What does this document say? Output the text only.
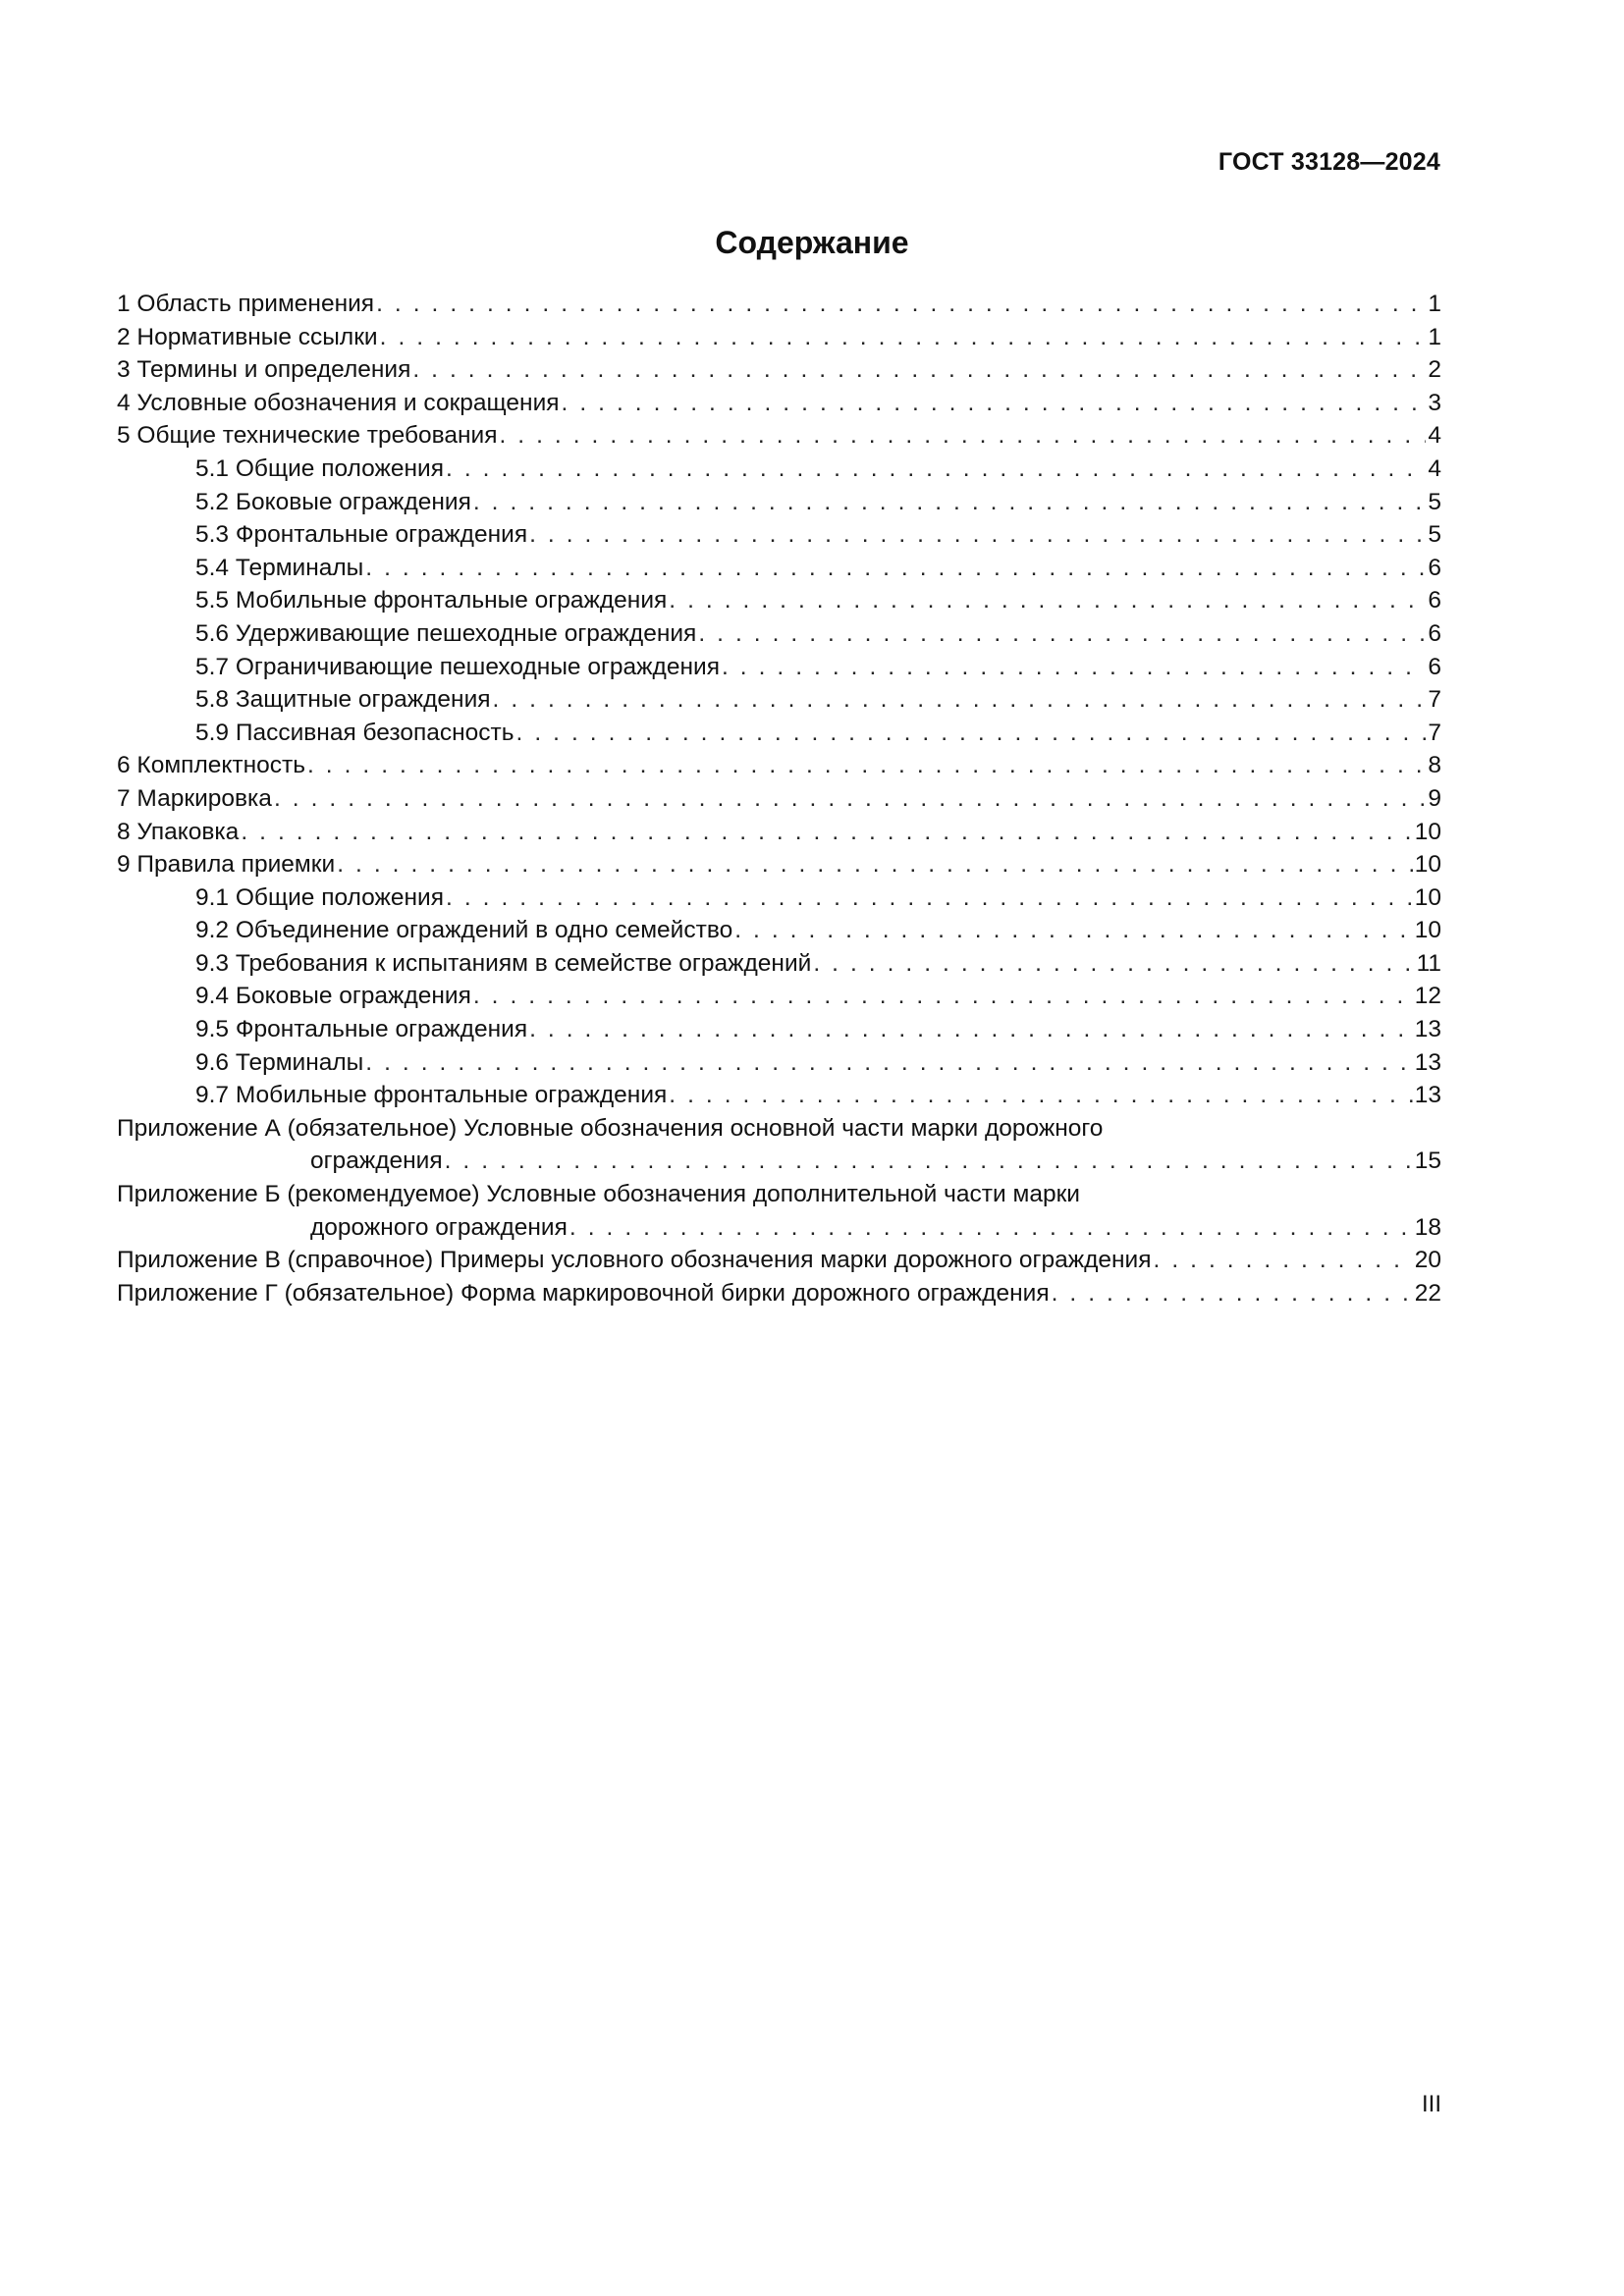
ГОСТ 33128—2024
Содержание
1 Область применения . . .	1
2 Нормативные ссылки . . .	1
3 Термины и определения . . .	2
4 Условные обозначения и сокращения . . .	3
5 Общие технические требования . . .	4
5.1 Общие положения . . .	4
5.2 Боковые ограждения . . .	5
5.3 Фронтальные ограждения . . .	5
5.4 Терминалы . . .	6
5.5 Мобильные фронтальные ограждения . . .	6
5.6 Удерживающие пешеходные ограждения . . .	6
5.7 Ограничивающие пешеходные ограждения . . .	6
5.8 Защитные ограждения . . .	7
5.9 Пассивная безопасность . . .	7
6 Комплектность . . .	8
7 Маркировка . . .	9
8 Упаковка . . .	10
9 Правила приемки . . .	10
9.1 Общие положения . . .	10
9.2 Объединение ограждений в одно семейство . . .	10
9.3 Требования к испытаниям в семействе ограждений . . .	11
9.4 Боковые ограждения . . .	12
9.5 Фронтальные ограждения . . .	13
9.6 Терминалы . . .	13
9.7 Мобильные фронтальные ограждения . . .	13
Приложение А (обязательное) Условные обозначения основной части марки дорожного
ограждения . . .	15
Приложение Б (рекомендуемое) Условные обозначения дополнительной части марки
дорожного ограждения . . .	18
Приложение В (справочное) Примеры условного обозначения марки дорожного ограждения . . .	20
Приложение Г (обязательное) Форма маркировочной бирки дорожного ограждения . . .	22
III
